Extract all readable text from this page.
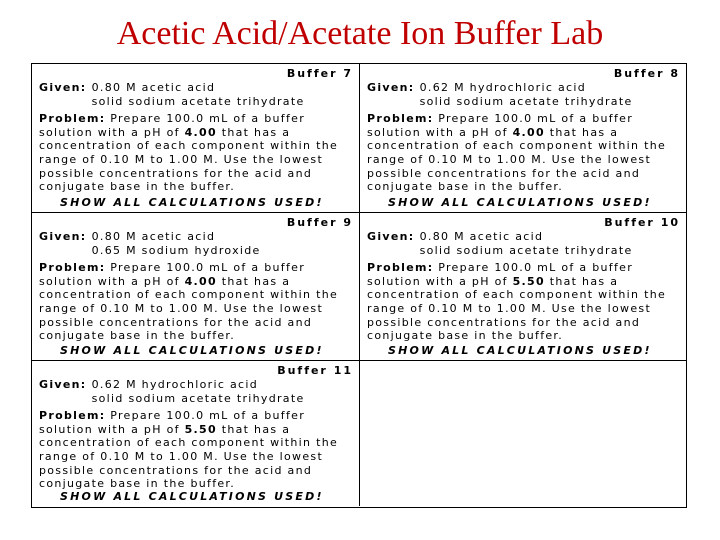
Acetic Acid/Acetate Ion Buffer Lab
Buffer 7
Given: 0.80 M acetic acid
solid sodium acetate trihydrate
Problem: Prepare 100.0 mL of a buffer solution with a pH of 4.00 that has a concentration of each component within the range of 0.10 M to 1.00 M. Use the lowest possible concentrations for the acid and conjugate base in the buffer.
SHOW ALL CALCULATIONS USED!
Buffer 8
Given: 0.62 M hydrochloric acid
solid sodium acetate trihydrate
Problem: Prepare 100.0 mL of a buffer solution with a pH of 4.00 that has a concentration of each component within the range of 0.10 M to 1.00 M. Use the lowest possible concentrations for the acid and conjugate base in the buffer.
SHOW ALL CALCULATIONS USED!
Buffer 9
Given: 0.80 M acetic acid
0.65 M sodium hydroxide
Problem: Prepare 100.0 mL of a buffer solution with a pH of 4.00 that has a concentration of each component within the range of 0.10 M to 1.00 M. Use the lowest possible concentrations for the acid and conjugate base in the buffer.
SHOW ALL CALCULATIONS USED!
Buffer 10
Given: 0.80 M acetic acid
solid sodium acetate trihydrate
Problem: Prepare 100.0 mL of a buffer solution with a pH of 5.50 that has a concentration of each component within the range of 0.10 M to 1.00 M. Use the lowest possible concentrations for the acid and conjugate base in the buffer.
SHOW ALL CALCULATIONS USED!
Buffer 11
Given: 0.62 M hydrochloric acid
solid sodium acetate trihydrate
Problem: Prepare 100.0 mL of a buffer solution with a pH of 5.50 that has a concentration of each component within the range of 0.10 M to 1.00 M. Use the lowest possible concentrations for the acid and conjugate base in the buffer.
SHOW ALL CALCULATIONS USED!
